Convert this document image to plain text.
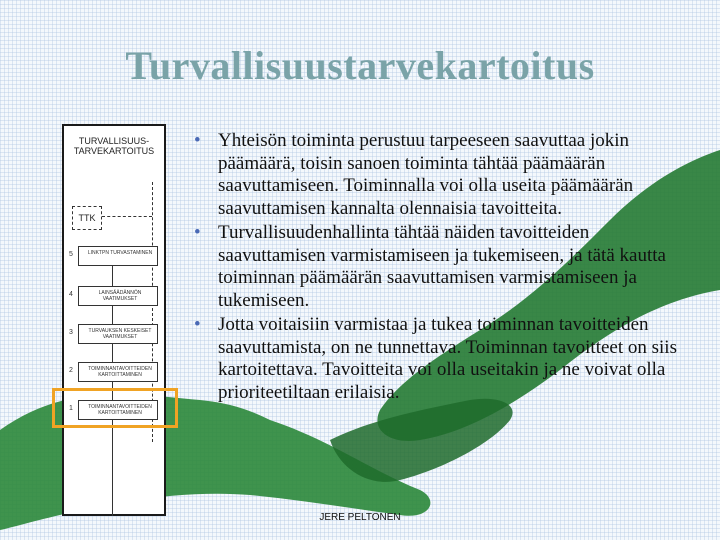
Turvallisuustarvekartoitus
TURVALLISUUS-
TARVEKARTOITUS
TTK
5	LINKTPN TURVASTAMINEN
4	LAINSÄÄDÄNNÖN VAATIMUKSET
3	TURVAUKSEN KESKEISET VAATIMUKSET
2	TOIMINNANTAVOITTEIDEN KARTOITTAMINEN
1	TOIMINNANTAVOITTEIDEN KARTOITTAMINEN
• Yhteisön toiminta perustuu tarpeeseen saavuttaa jokin päämäärä, toisin sanoen toiminta tähtää päämäärän saavuttamiseen. Toiminnalla voi olla useita päämäärän saavuttamisen kannalta olennaisia tavoitteita.
• Turvallisuudenhallinta tähtää näiden tavoitteiden saavuttamisen varmistamiseen ja tukemiseen, ja tätä kautta toiminnan päämäärän saavuttamisen varmistamiseen ja tukemiseen.
• Jotta voitaisiin varmistaa ja tukea toiminnan tavoitteiden saavuttamista, on ne tunnettava. Toiminnan tavoitteet on siis kartoitettava. Tavoitteita voi olla useitakin ja ne voivat olla prioriteetiltaan erilaisia.
JERE PELTONEN
